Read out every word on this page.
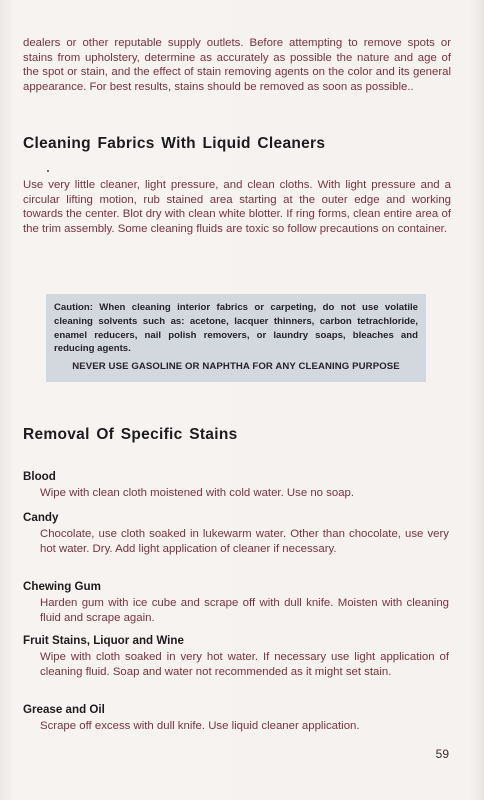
dealers or other reputable supply outlets. Before attempting to remove spots or stains from upholstery, determine as accurately as possible the nature and age of the spot or stain, and the effect of stain removing agents on the color and its general appearance. For best results, stains should be removed as soon as possible..

Cleaning Fabrics With Liquid Cleaners

Use very little cleaner, light pressure, and clean cloths. With light pressure and a circular lifting motion, rub stained area starting at the outer edge and working towards the center. Blot dry with clean white blotter. If ring forms, clean entire area of the trim assembly. Some cleaning fluids are toxic so follow precautions on container.

Caution: When cleaning interior fabrics or carpeting, do not use volatile cleaning solvents such as: acetone, lacquer thinners, carbon tetrachloride, enamel reducers, nail polish removers, or laundry soaps, bleaches and reducing agents.

NEVER USE GASOLINE OR NAPHTHA FOR ANY CLEANING PURPOSE

Removal Of Specific Stains

Blood

Wipe with clean cloth moistened with cold water. Use no soap.

Candy

Chocolate, use cloth soaked in lukewarm water. Other than chocolate, use very hot water. Dry. Add light application of cleaner if necessary.

Chewing Gum

Harden gum with ice cube and scrape off with dull knife. Moisten with cleaning fluid and scrape again.

Fruit Stains, Liquor and Wine

Wipe with cloth soaked in very hot water. If necessary use light application of cleaning fluid. Soap and water not recommended as it might set stain.

Grease and Oil

Scrape off excess with dull knife. Use liquid cleaner application.

59
